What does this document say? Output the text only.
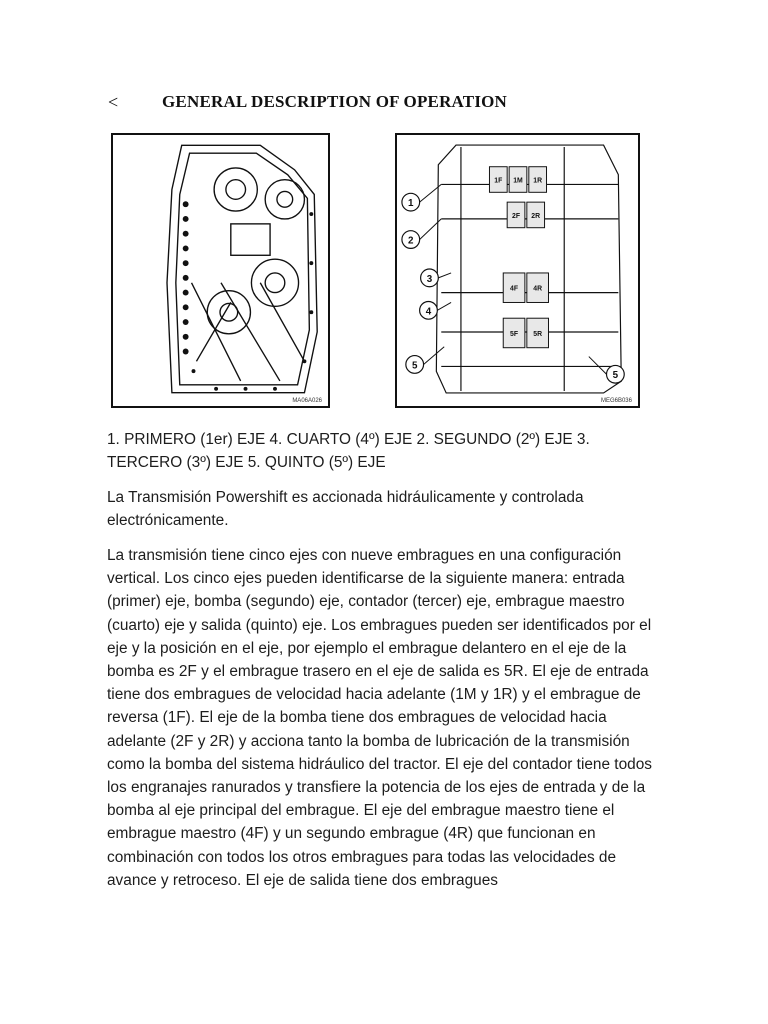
<	GENERAL DESCRIPTION OF OPERATION
MA06A026
1
2
3
4
5
5
1F 1M 1R
2F 2R
4F 4R
5F 5R
MEG6B036

1. PRIMERO (1er) EJE 4. CUARTO (4º) EJE 2. SEGUNDO (2º) EJE 3. TERCERO (3º) EJE 5. QUINTO (5º) EJE

La Transmisión Powershift es accionada hidráulicamente y controlada electrónicamente.

La transmisión tiene cinco ejes con nueve embragues en una configuración vertical. Los cinco ejes pueden identificarse de la siguiente manera: entrada (primer) eje, bomba (segundo) eje, contador (tercer) eje, embrague maestro (cuarto) eje y salida (quinto) eje. Los embragues pueden ser identificados por el eje y la posición en el eje, por ejemplo el embrague delantero en el eje de la bomba es 2F y el embrague trasero en el eje de salida es 5R. El eje de entrada tiene dos embragues de velocidad hacia adelante (1M y 1R) y el embrague de reversa (1F). El eje de la bomba tiene dos embragues de velocidad hacia adelante (2F y 2R) y acciona tanto la bomba de lubricación de la transmisión como la bomba del sistema hidráulico del tractor. El eje del contador tiene todos los engranajes ranurados y transfiere la potencia de los ejes de entrada y de la bomba al eje principal del embrague. El eje del embrague maestro tiene el embrague maestro (4F) y un segundo embrague (4R) que funcionan en combinación con todos los otros embragues para todas las velocidades de avance y retroceso. El eje de salida tiene dos embragues
